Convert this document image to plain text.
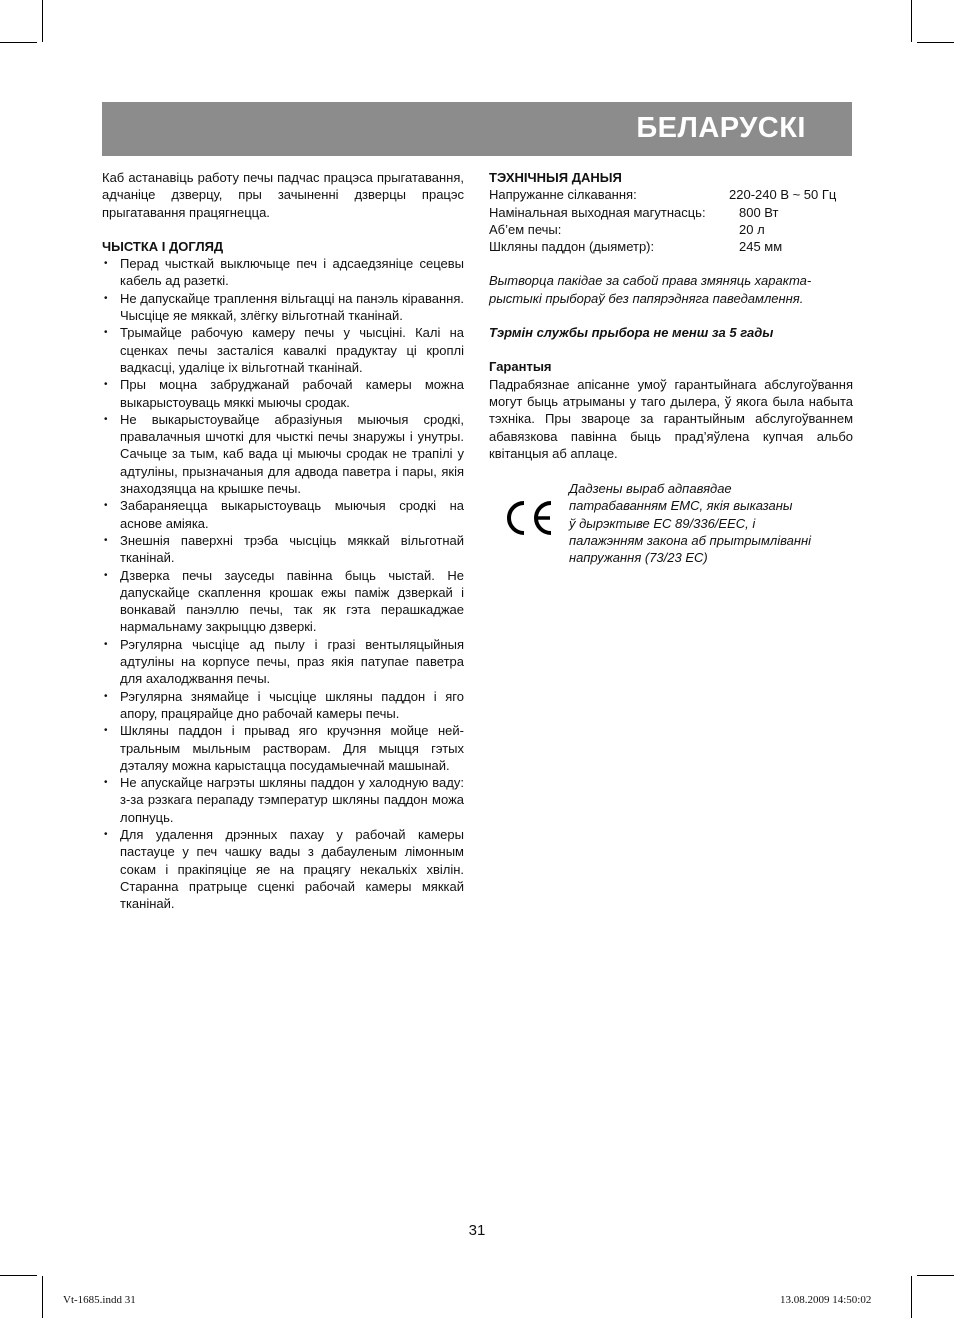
БЕЛАРУСКІ

Каб астанавіць работу печы падчас працэса прыгатавання, адчаніце дзверцу, пры зачыненні дзверцы працэс прыгатавання працягнецца.

ЧЫСТКА І ДОГЛЯД
• Перад чысткай выключыце печ і адсаедзяніце сецевы кабель ад разеткі.
• Не дапускайце траплення вільгацці на панэль кіравання. Чысціце яе мяккай, злёгку вільготнай тканінай.
• Трымайце рабочую камеру печы у чысціні. Калі на сценках печы засталіся кавалкі прадуктау ці кроплі вадкасці, удаліце іх вільготнай тканінай.
• Пры моцна забруджанай рабочай камеры можна выкарыстоуваць мяккі мыючы сродак.
• Не выкарыстоувайце абразіуныя мыючыя сродкі, правалачныя шчоткі для чысткі печы знаружы і унутры. Сачыце за тым, каб вада ці мыючы сродак не трапілі у адтуліны, прызначаныя для адвода паветра і пары, якія знаходзяцца на крышке печы.
• Забараняецца выкарыстоуваць мыючыя сродкі на аснове аміяка.
• Знешнія паверхні трэба чысціць мяккай вільготнай тканінай.
• Дзверка печы зауседы павінна быць чыстай. Не дапускайце скаплення крошак ежы паміж дзверкай і вонкавай панэллю печы, так як гэта перашкаджае нармальнаму закрыццю дзверкі.
• Рэгулярна чысціце ад пылу і гразі вентыляцыйныя адтуліны на корпусе печы, праз якія патупае паветра для ахалоджвання печы.
• Рэгулярна знямайце і чысціце шкляны паддон і яго апору, працярайце дно рабочай камеры печы.
• Шкляны паддон і прывад яго кручэння мойце нейтральным мыльным растворам. Для мыцця гэтых дэталяу можна карыстацца посудамыечнай машынай.
• Не апускайце нагрэты шкляны паддон у халодную ваду: з-за рэзкага перападу тэмператур шкляны паддон можа лопнуць.
• Для удалення дрэнных пахау у рабочай камеры пастауце у печ чашку вады з дабауленым лімонным сокам і пракіпяціце яе на працягу некалькіх хвілін. Старанна пратрыце сценкі рабочай камеры мяккай тканінай.
ТЭХНІЧНЫЯ ДАНЫЯ
Напружанне сілкавання:	220-240 В ~ 50 Гц
Намінальная выходная магутнасць:	800 Вт
Аб’ем печы:	20 л
Шкляны паддон (дыяметр):	245 мм

Вытворца пакідае за сабой права змяняць характарыстыкі прыбораў без папярэдняга паведамлення.

Тэрмін службы прыбора не менш за 5 гады

Гарантыя

Падрабязнае апісанне умоў гарантыйнага абслугоўвання могут быць атрыманы у таго дылера, ў якога была набыта тэхніка. Пры звароце за гарантыйным абслугоўваннем абавязкова павінна быць прад’яўлена купчая альбо квітанцыя аб аплаце.

Дадзены выраб адпавядае
патрабаванням ЕМС, якія выказаны
ў дырэктыве ЕС 89/336/ЕЕС, і
палажэнням закона аб прытрымліванні
напружання (73/23 ЕС)
31
Vt-1685.indd 31	13.08.2009 14:50:02
